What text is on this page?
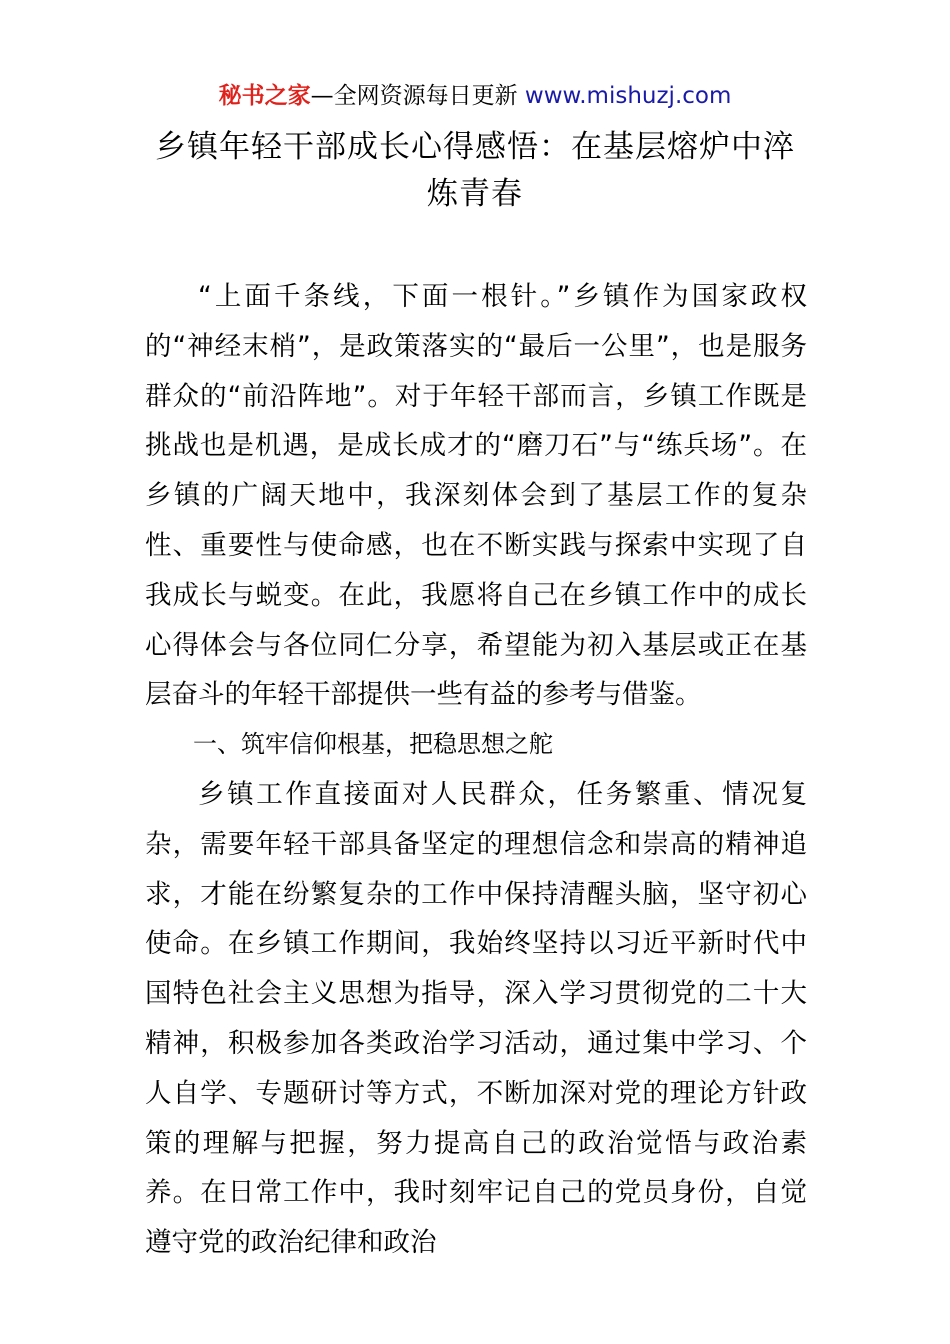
秘书之家—全网资源每日更新 www.mishuzj.com
乡镇年轻干部成长心得感悟：在基层熔炉中淬炼青春

“上面千条线，下面一根针。”乡镇作为国家政权的“神经末梢”，是政策落实的“最后一公里”，也是服务群众的“前沿阵地”。对于年轻干部而言，乡镇工作既是挑战也是机遇，是成长成才的“磨刀石”与“练兵场”。在乡镇的广阔天地中，我深刻体会到了基层工作的复杂性、重要性与使命感，也在不断实践与探索中实现了自我成长与蜕变。在此，我愿将自己在乡镇工作中的成长心得体会与各位同仁分享，希望能为初入基层或正在基层奋斗的年轻干部提供一些有益的参考与借鉴。

一、筑牢信仰根基，把稳思想之舵

乡镇工作直接面对人民群众，任务繁重、情况复杂，需要年轻干部具备坚定的理想信念和崇高的精神追求，才能在纷繁复杂的工作中保持清醒头脑，坚守初心使命。在乡镇工作期间，我始终坚持以习近平新时代中国特色社会主义思想为指导，深入学习贯彻党的二十大精神，积极参加各类政治学习活动，通过集中学习、个人自学、专题研讨等方式，不断加深对党的理论方针政策的理解与把握，努力提高自己的政治觉悟与政治素养。在日常工作中，我时刻牢记自己的党员身份，自觉遵守党的政治纪律和政治
